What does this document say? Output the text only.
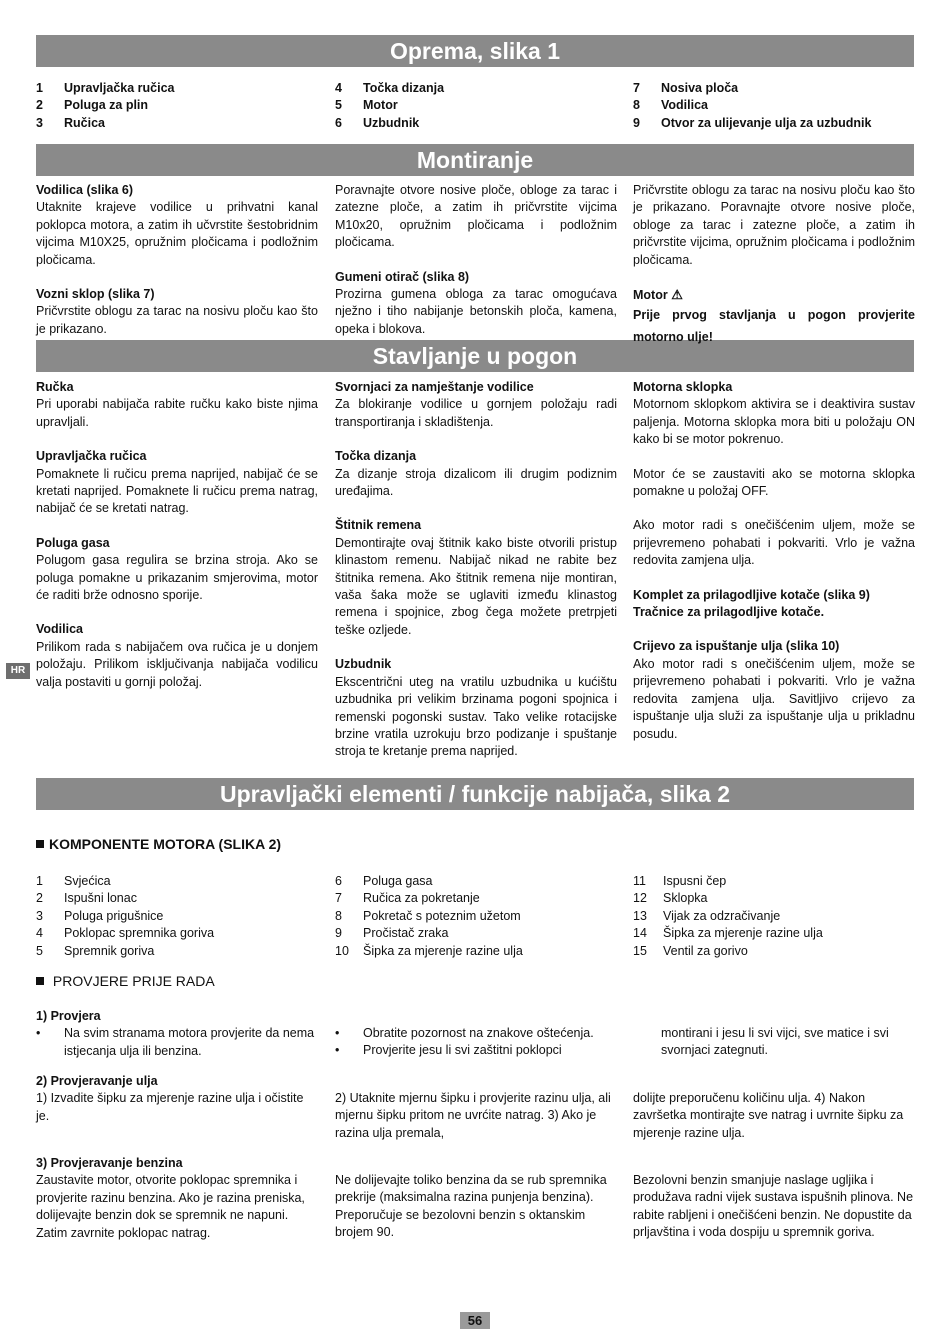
Oprema, slika 1
Montiranje
Stavljanje u pogon
Upravljački elementi / funkcije nabijača, slika 2
1	Upravljačka ručica
2	Poluga za plin
3	Ručica
4	Točka dizanja
5	Motor
6	Uzbudnik
7	Nosiva ploča
8	Vodilica
9	Otvor za ulijevanje ulja za uzbudnik
Vodilica (slika 6)
Utaknite krajeve vodilice u prihvatni kanal poklopca motora, a zatim ih učvrstite šestobridnim vijcima M10X25, opružnim pločicama i podložnim pločicama.
Vozni sklop (slika 7)
Pričvrstite oblogu za tarac na nosivu ploču kao što je prikazano.
Poravnajte otvore nosive ploče, obloge za tarac i zatezne ploče, a zatim ih pričvrstite vijcima M10x20, opružnim pločicama i podložnim pločicama.
Gumeni otirač (slika 8)
Prozirna gumena obloga za tarac omogućava nježno i tiho nabijanje betonskih ploča, kamena, opeka i blokova.
Pričvrstite oblogu za tarac na nosivu ploču kao što je prikazano. Poravnajte otvore nosive ploče, obloge za tarac i zatezne ploče, a zatim ih pričvrstite vijcima, opružnim pločicama i podložnim pločicama.
Motor ⚠
Prije prvog stavljanja u pogon provjerite motorno ulje!
Ručka
Pri uporabi nabijača rabite ručku kako biste njima upravljali.
Upravljačka ručica
Pomaknete li ručicu prema naprijed, nabijač će se kretati naprijed. Pomaknete li ručicu prema natrag, nabijač će se kretati natrag.
Poluga gasa
Polugom gasa regulira se brzina stroja. Ako se poluga pomakne u prikazanim smjerovima, motor će raditi brže odnosno sporije.
Vodilica
Prilikom rada s nabijačem ova ručica je u donjem položaju. Prilikom isključivanja nabijača vodilicu valja postaviti u gornji položaj.
Svornjaci za namještanje vodilice
Za blokiranje vodilice u gornjem položaju radi transportiranja i skladištenja.
Točka dizanja
Za dizanje stroja dizalicom ili drugim podiznim uređajima.
Štitnik remena
Demontirajte ovaj štitnik kako biste otvorili pristup klinastom remenu. Nabijač nikad ne rabite bez štitnika remena. Ako štitnik remena nije montiran, vaša šaka može se uglaviti između klinastog remena i spojnice, zbog čega možete pretrpjeti teške ozljede.
Uzbudnik
Ekscentrični uteg na vratilu uzbudnika u kućištu uzbudnika pri velikim brzinama pogoni spojnica i remenski pogonski sustav. Tako velike rotacijske brzine vratila uzrokuju brzo podizanje i spuštanje stroja te kretanje prema naprijed.
Motorna sklopka
Motornom sklopkom aktivira se i deaktivira sustav paljenja. Motorna sklopka mora biti u položaju ON kako bi se motor pokrenuo.
Motor će se zaustaviti ako se motorna sklopka pomakne u položaj OFF.
Ako motor radi s onečišćenim uljem, može se prijevremeno pohabati i pokvariti. Vrlo je važna redovita zamjena ulja.
Komplet za prilagodljive kotače (slika 9)
Tračnice za prilagodljive kotače.
Crijevo za ispuštanje ulja (slika 10)
Ako motor radi s onečišćenim uljem, može se prijevremeno pohabati i pokvariti. Vrlo je važna redovita zamjena ulja. Savitljivo crijevo za ispuštanje ulja služi za ispuštanje ulja u prikladnu posudu.
HR
KOMPONENTE MOTORA (SLIKA 2)
1	Svjećica
2	Ispušni lonac
3	Poluga prigušnice
4	Poklopac spremnika goriva
5	Spremnik goriva
6	Poluga gasa
7	Ručica za pokretanje
8	Pokretač s poteznim užetom
9	Pročistač zraka
10	Šipka za mjerenje razine ulja
11	Ispusni čep
12	Sklopka
13	Vijak za odzračivanje
14	Šipka za mjerenje razine ulja
15	Ventil za gorivo
PROVJERE PRIJE RADA
1) Provjera
•	Na svim stranama motora provjerite da nema istjecanja ulja ili benzina.
•	Obratite pozornost na znakove oštećenja.
•	Provjerite jesu li svi zaštitni poklopci
montirani i jesu li svi vijci, sve matice i svi svornjaci zategnuti.
2) Provjeravanje ulja
1) Izvadite šipku za mjerenje razine ulja i očistite je.
2) Utaknite mjernu šipku i provjerite razinu ulja, ali mjernu šipku pritom ne uvrćite natrag. 3) Ako je razina ulja premala,
dolijte preporučenu količinu ulja. 4) Nakon završetka montirajte sve natrag i uvrnite šipku za mjerenje razine ulja.
3) Provjeravanje benzina
Zaustavite motor, otvorite poklopac spremnika i provjerite razinu benzina. Ako je razina preniska, dolijevajte benzin dok se spremnik ne napuni. Zatim zavrnite poklopac natrag.
Ne dolijevajte toliko benzina da se rub spremnika prekrije (maksimalna razina punjenja benzina).
Preporučuje se bezolovni benzin s oktanskim brojem 90.
Bezolovni benzin smanjuje naslage ugljika i produžava radni vijek sustava ispušnih plinova. Ne rabite rabljeni i onečišćeni benzin. Ne dopustite da prljavština i voda dospiju u spremnik goriva.
56
